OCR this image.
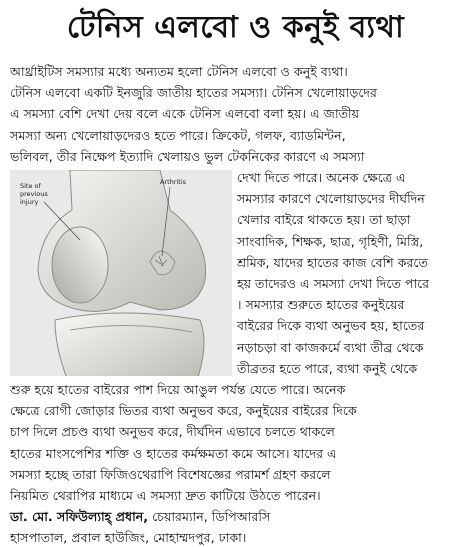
টেনিস এলবো ও কনুই ব্যথা
আর্থ্রাইটিস সমস্যার মধ্যে অন্যতম হলো টেনিস এলবো ও কনুই ব্যথা।
টেনিস এলবো একটি ইনজুরি জাতীয় হাতের সমস্যা। টেনিস খেলোয়াড়দের
এ সমস্যা বেশি দেখা দেয় বলে একে টেনিস এলবো বলা হয়। এ জাতীয়
সমস্যা অন্য খেলোয়াড়দেরও হতে পারে। ক্রিকেট, গলফ, ব্যাডমিন্টন,
ভলিবল, তীর নিক্ষেপ ইত্যাদি খেলায়ও ভুল টেকনিকের কারণে এ সমস্যা
দেখা দিতে পারে। অনেক ক্ষেত্রে এ
সমস্যার কারণে খেলোয়াড়দের দীর্ঘদিন
খেলার বাইরে থাকতে হয়। তা ছাড়া
সাংবাদিক, শিক্ষক, ছাত্র, গৃহিণী, মিস্ত্রি,
শ্রমিক, যাদের হাতের কাজ বেশি করতে
হয় তাদেরও এ সমস্যা দেখা দিতে পারে
। সমস্যার শুরুতে হাতের কনুইয়ের
বাইরের দিকে ব্যথা অনুভব হয়, হাতের
নড়াচড়া বা কাজকর্মে ব্যথা তীব্র থেকে
তীব্রতর হতে পারে, ব্যথা কনুই থেকে
শুরু হয়ে হাতের বাইরের পাশ দিয়ে আঙুল পর্যন্ত যেতে পারে। অনেক
ক্ষেত্রে রোগী জোড়ার ভিতর ব্যথা অনুভব করে, কনুইয়ের বাইরের দিকে
চাপ দিলে প্রচণ্ড ব্যথা অনুভব করে, দীর্ঘদিন এভাবে চলতে থাকলে
হাতের মাংসপেশির শক্তি ও হাতের কর্মক্ষমতা কমে আসে। যাদের এ
সমস্যা হচ্ছে তারা ফিজিওথেরাপি বিশেষজ্ঞের পরামর্শ গ্রহণ করলে
নিয়মিত থেরাপির মাধ্যমে এ সমস্যা দ্রুত কাটিয়ে উঠতে পারেন।
Site of
previous
injury
Arthritis
ডা. মো. সফিউল্যাহ্ প্রধান, চেয়ারম্যান, ডিপিআরসি
হাসপাতাল, প্রবাল হাউজিং, মোহাম্মদপুর, ঢাকা।
